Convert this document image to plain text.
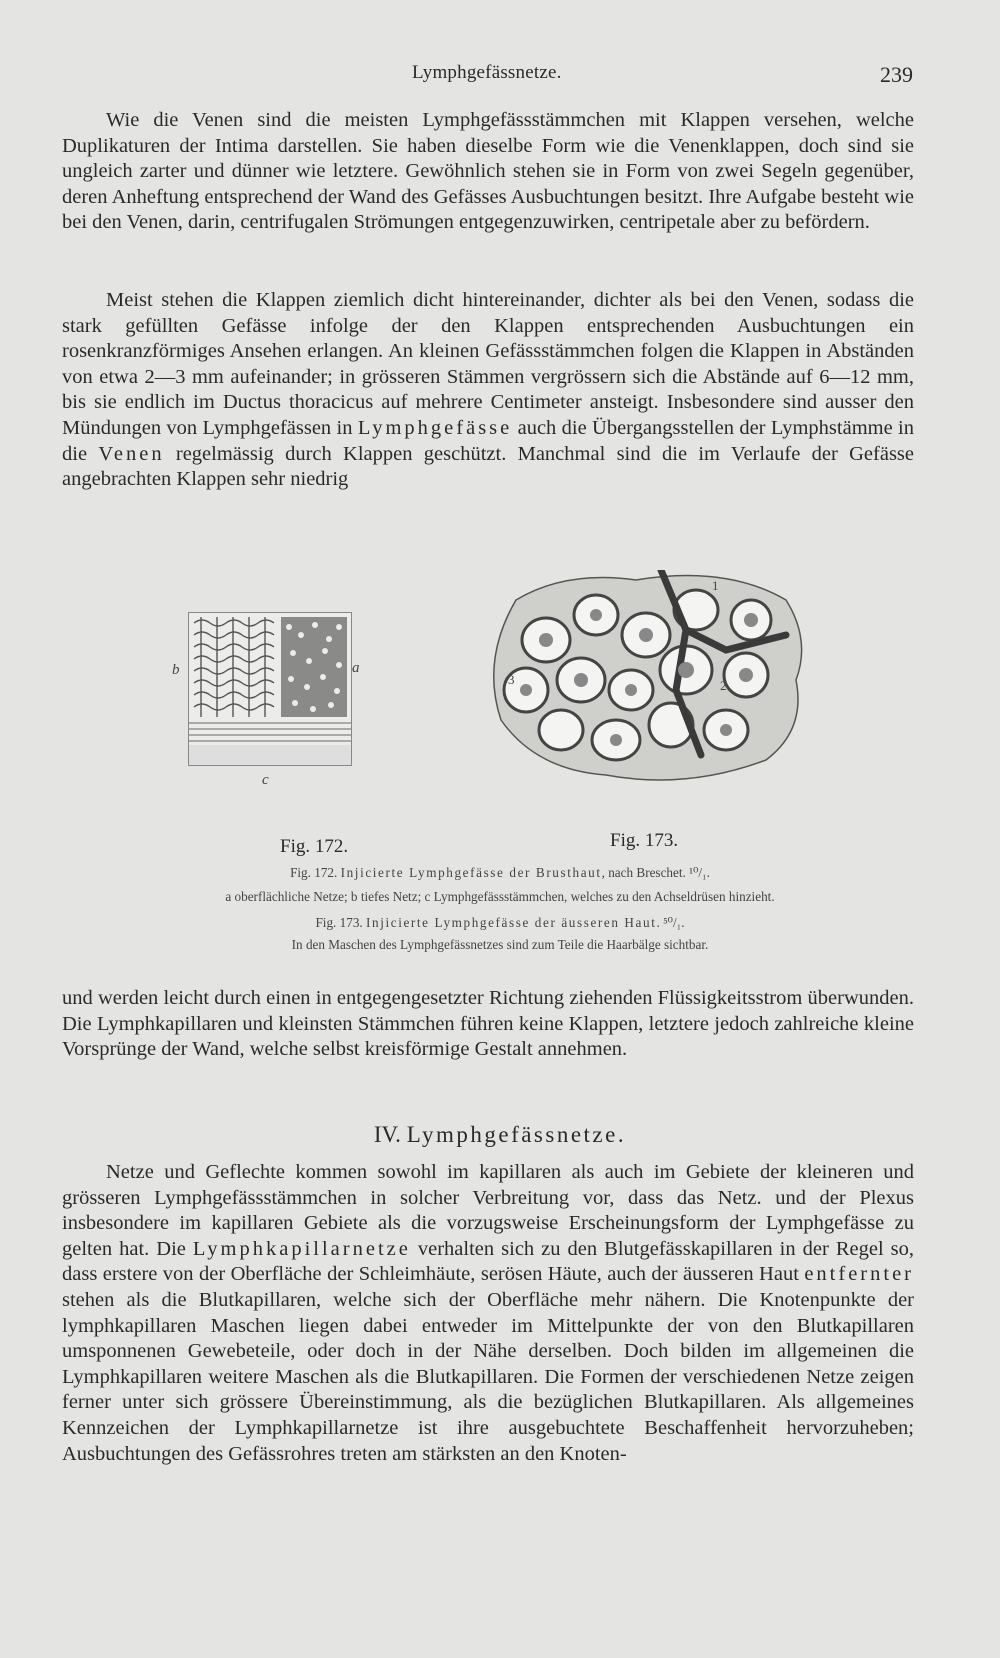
Lymphgefässnetze.	239

Wie die Venen sind die meisten Lymphgefässstämmchen mit Klappen versehen, welche Duplikaturen der Intima darstellen. Sie haben dieselbe Form wie die Venenklappen, doch sind sie ungleich zarter und dünner wie letztere. Gewöhnlich stehen sie in Form von zwei Segeln gegenüber, deren Anheftung entsprechend der Wand des Gefässes Ausbuchtungen besitzt. Ihre Aufgabe besteht wie bei den Venen, darin, centrifugalen Strömungen entgegenzuwirken, centripetale aber zu befördern.

Meist stehen die Klappen ziemlich dicht hintereinander, dichter als bei den Venen, sodass die stark gefüllten Gefässe infolge der den Klappen entsprechenden Ausbuchtungen ein rosenkranzförmiges Ansehen erlangen. An kleinen Gefässstämmchen folgen die Klappen in Abständen von etwa 2—3 mm aufeinander; in grösseren Stämmen vergrössern sich die Abstände auf 6—12 mm, bis sie endlich im Ductus thoracicus auf mehrere Centimeter ansteigt. Insbesondere sind ausser den Mündungen von Lymphgefässen in Lymphgefässe auch die Übergangsstellen der Lymphstämme in die Venen regelmässig durch Klappen geschützt. Manchmal sind die im Verlaufe der Gefässe angebrachten Klappen sehr niedrig

b	a
c
1
2
3
Fig. 172.	Fig. 173.

Fig. 172. Injicierte Lymphgefässe der Brusthaut, nach Breschet. ¹⁰/₁.

a oberflächliche Netze; b tiefes Netz; c Lymphgefässstämmchen, welches zu den Achseldrüsen hinzieht.

Fig. 173. Injicierte Lymphgefässe der äusseren Haut. ⁵⁰/₁.

In den Maschen des Lymphgefässnetzes sind zum Teile die Haarbälge sichtbar.

und werden leicht durch einen in entgegengesetzter Richtung ziehenden Flüssigkeitsstrom überwunden. Die Lymphkapillaren und kleinsten Stämmchen führen keine Klappen, letztere jedoch zahlreiche kleine Vorsprünge der Wand, welche selbst kreisförmige Gestalt annehmen.

IV. Lymphgefässnetze.

Netze und Geflechte kommen sowohl im kapillaren als auch im Gebiete der kleineren und grösseren Lymphgefässstämmchen in solcher Verbreitung vor, dass das Netz. und der Plexus insbesondere im kapillaren Gebiete als die vorzugsweise Erscheinungsform der Lymphgefässe zu gelten hat. Die Lymphkapillarnetze verhalten sich zu den Blutgefässkapillaren in der Regel so, dass erstere von der Oberfläche der Schleimhäute, serösen Häute, auch der äusseren Haut entfernter stehen als die Blutkapillaren, welche sich der Oberfläche mehr nähern. Die Knotenpunkte der lymphkapillaren Maschen liegen dabei entweder im Mittelpunkte der von den Blutkapillaren umsponnenen Gewebeteile, oder doch in der Nähe derselben. Doch bilden im allgemeinen die Lymphkapillaren weitere Maschen als die Blutkapillaren. Die Formen der verschiedenen Netze zeigen ferner unter sich grössere Übereinstimmung, als die bezüglichen Blutkapillaren. Als allgemeines Kennzeichen der Lymphkapillarnetze ist ihre ausgebuchtete Beschaffenheit hervorzuheben; Ausbuchtungen des Gefässrohres treten am stärksten an den Knoten-
